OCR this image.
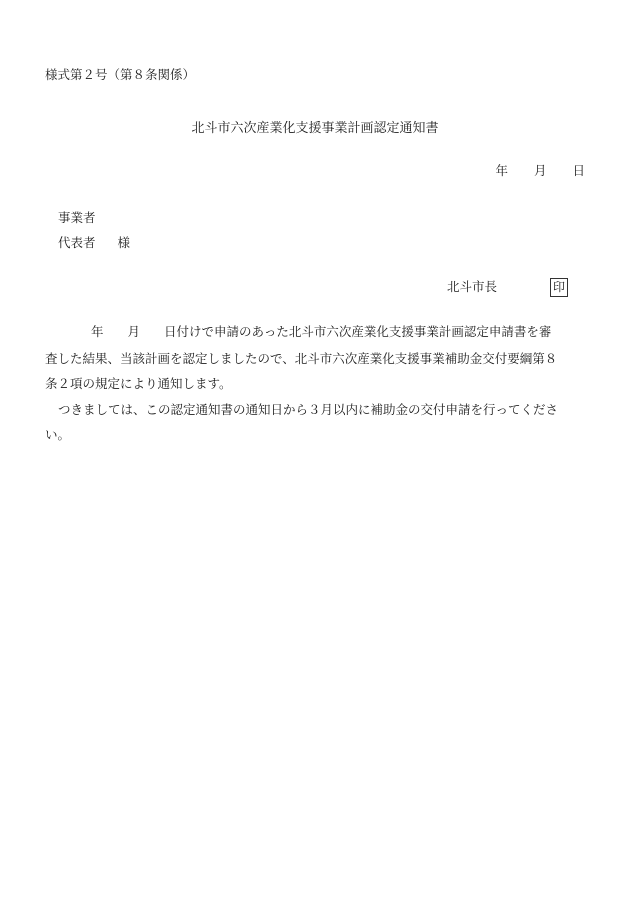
様式第２号（第８条関係）
北斗市六次産業化支援事業計画認定通知書
年 月 日
事業者
代表者 様
北斗市長	印
年 月 日付けで申請のあった北斗市六次産業化支援事業計画認定申請書を審
査した結果、当該計画を認定しましたので、北斗市六次産業化支援事業補助金交付要綱第８
条２項の規定により通知します。
つきましては、この認定通知書の通知日から３月以内に補助金の交付申請を行ってくださ
い。
